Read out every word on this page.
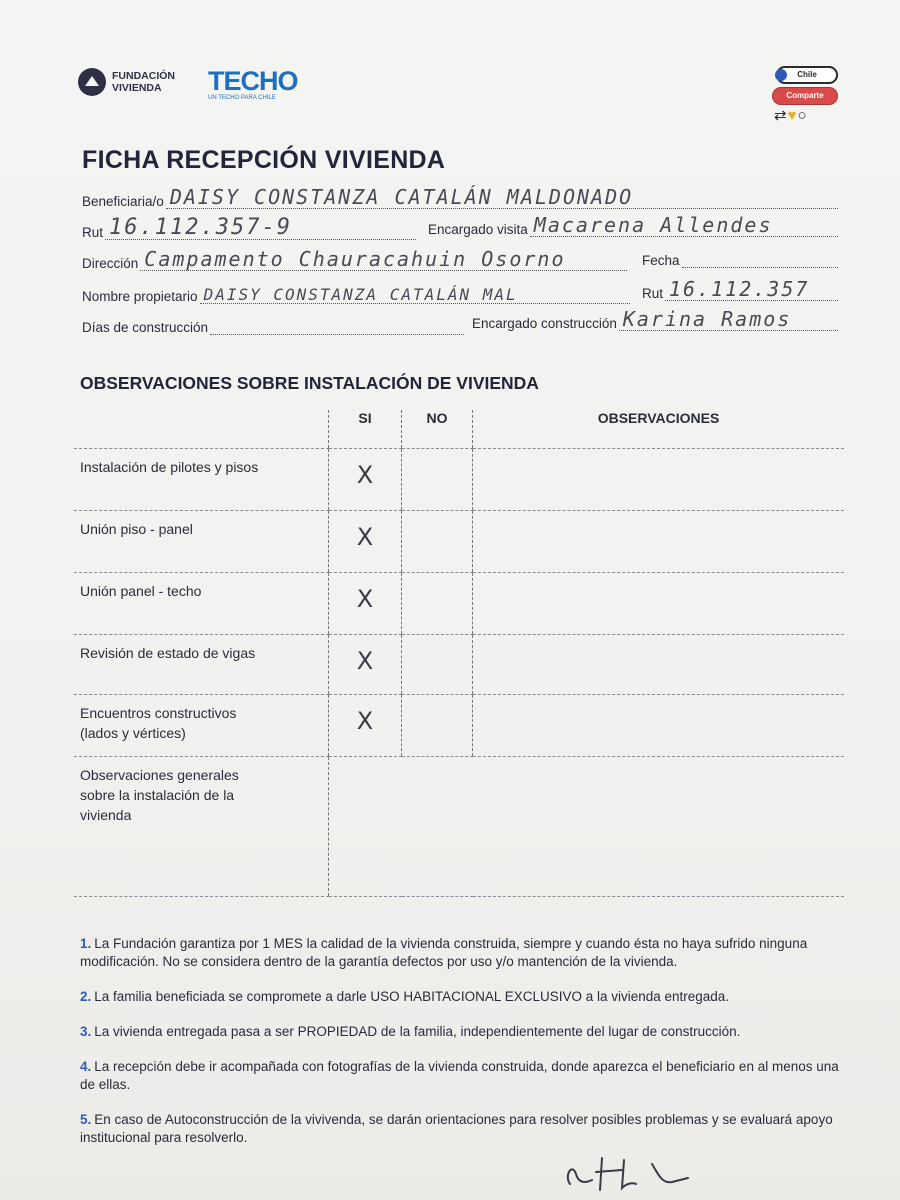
FUNDACIÓN
VIVIENDA	TECHO
UN TECHO PARA CHILE
Chile
Comparte
⇄♥○
FICHA RECEPCIÓN VIVIENDA
Beneficiaria/o DAISY CONSTANZA CATALÁN MALDONADO
Rut 16.112.357-9	Encargado visita Macarena Allendes
Dirección Campamento Chauracahuin Osorno	Fecha
Nombre propietario DAISY CONSTANZA CATALÁN MAL	Rut 16.112.357
Días de construcción	Encargado construcción Karina Ramos
OBSERVACIONES SOBRE INSTALACIÓN DE VIVIENDA
	SI	NO	OBSERVACIONES

Instalación de pilotes y pisos	X		

Unión piso - panel	X		

Unión panel - techo	X		

Revisión de estado de vigas	X		

Encuentros constructivos
(lados y vértices)	X		

Observaciones generales
sobre la instalación de la
vivienda			

1. La Fundación garantiza por 1 MES la calidad de la vivienda construida, siempre y cuando ésta no haya sufrido ninguna modificación. No se considera dentro de la garantía defectos por uso y/o mantención de la vivienda.

2. La familia beneficiada se compromete a darle USO HABITACIONAL EXCLUSIVO a la vivienda entregada.

3. La vivienda entregada pasa a ser PROPIEDAD de la familia, independientemente del lugar de construcción.

4. La recepción debe ir acompañada con fotografías de la vivienda construida, donde aparezca el beneficiario en al menos una de ellas.

5. En caso de Autoconstrucción de la vivivenda, se darán orientaciones para resolver posibles problemas y se evaluará apoyo institucional para resolverlo.
